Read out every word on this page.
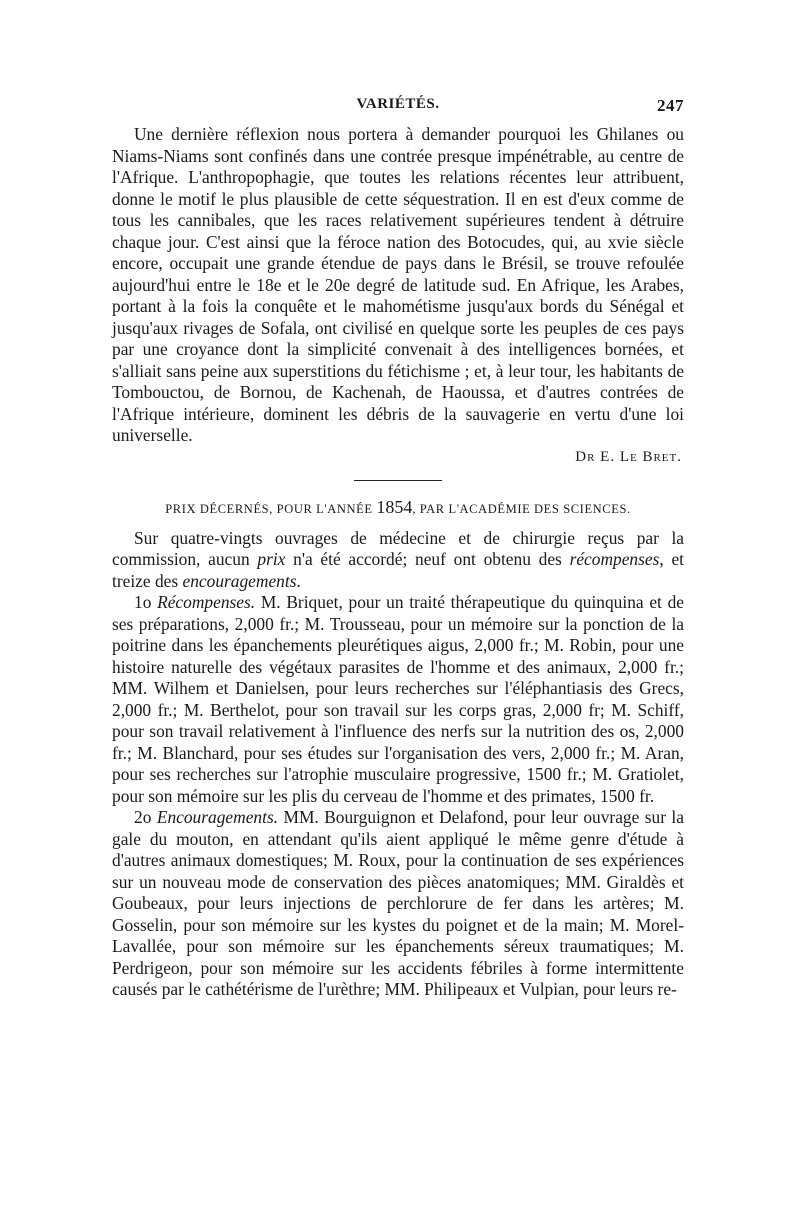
VARIÉTÉS.	247

Une dernière réflexion nous portera à demander pourquoi les Ghilanes ou Niams-Niams sont confinés dans une contrée presque impénétrable, au centre de l'Afrique. L'anthropophagie, que toutes les relations récentes leur attribuent, donne le motif le plus plausible de cette séquestration. Il en est d'eux comme de tous les cannibales, que les races relativement supérieures tendent à détruire chaque jour. C'est ainsi que la féroce nation des Botocudes, qui, au xvie siècle encore, occupait une grande étendue de pays dans le Brésil, se trouve refoulée aujourd'hui entre le 18e et le 20e degré de latitude sud. En Afrique, les Arabes, portant à la fois la conquête et le mahométisme jusqu'aux bords du Sénégal et jusqu'aux rivages de Sofala, ont civilisé en quelque sorte les peuples de ces pays par une croyance dont la simplicité convenait à des intelligences bornées, et s'alliait sans peine aux superstitions du fétichisme ; et, à leur tour, les habitants de Tombouctou, de Bornou, de Kachenah, de Haoussa, et d'autres contrées de l'Afrique intérieure, dominent les débris de la sauvagerie en vertu d'une loi universelle.

Dr E. Le Bret.
PRIX DÉCERNÉS, POUR L'ANNÉE 1854, PAR L'ACADÉMIE DES SCIENCES.

Sur quatre-vingts ouvrages de médecine et de chirurgie reçus par la commission, aucun prix n'a été accordé; neuf ont obtenu des récompenses, et treize des encouragements.

1o Récompenses. M. Briquet, pour un traité thérapeutique du quinquina et de ses préparations, 2,000 fr.; M. Trousseau, pour un mémoire sur la ponction de la poitrine dans les épanchements pleurétiques aigus, 2,000 fr.; M. Robin, pour une histoire naturelle des végétaux parasites de l'homme et des animaux, 2,000 fr.; MM. Wilhem et Danielsen, pour leurs recherches sur l'éléphantiasis des Grecs, 2,000 fr.; M. Berthelot, pour son travail sur les corps gras, 2,000 fr; M. Schiff, pour son travail relativement à l'influence des nerfs sur la nutrition des os, 2,000 fr.; M. Blanchard, pour ses études sur l'organisation des vers, 2,000 fr.; M. Aran, pour ses recherches sur l'atrophie musculaire progressive, 1500 fr.; M. Gratiolet, pour son mémoire sur les plis du cerveau de l'homme et des primates, 1500 fr.

2o Encouragements. MM. Bourguignon et Delafond, pour leur ouvrage sur la gale du mouton, en attendant qu'ils aient appliqué le même genre d'étude à d'autres animaux domestiques; M. Roux, pour la continuation de ses expériences sur un nouveau mode de conservation des pièces anatomiques; MM. Giraldès et Goubeaux, pour leurs injections de perchlorure de fer dans les artères; M. Gosselin, pour son mémoire sur les kystes du poignet et de la main; M. Morel-Lavallée, pour son mémoire sur les épanchements séreux traumatiques; M. Perdrigeon, pour son mémoire sur les accidents fébriles à forme intermittente causés par le cathétérisme de l'urèthre; MM. Philipeaux et Vulpian, pour leurs re-
